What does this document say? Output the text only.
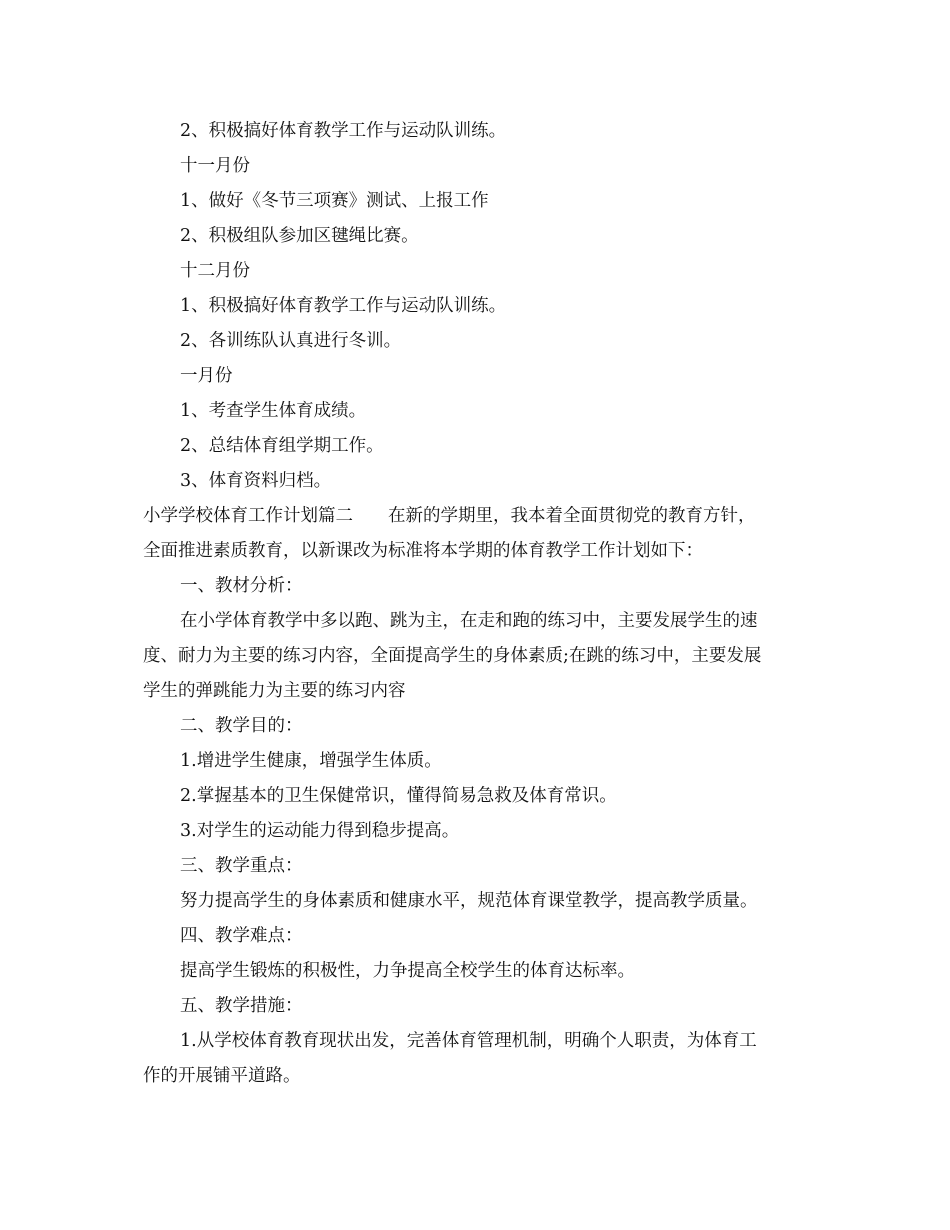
2、积极搞好体育教学工作与运动队训练。
十一月份
1、做好《冬节三项赛》测试、上报工作
2、积极组队参加区毽绳比赛。
十二月份
1、积极搞好体育教学工作与运动队训练。
2、各训练队认真进行冬训。
一月份
1、考查学生体育成绩。
2、总结体育组学期工作。
3、体育资料归档。
小学学校体育工作计划篇二　　在新的学期里，我本着全面贯彻党的教育方针，
全面推进素质教育，以新课改为标准将本学期的体育教学工作计划如下：
一、教材分析：
在小学体育教学中多以跑、跳为主，在走和跑的练习中，主要发展学生的速
度、耐力为主要的练习内容，全面提高学生的身体素质;在跳的练习中，主要发展
学生的弹跳能力为主要的练习内容
二、教学目的：
1.增进学生健康，增强学生体质。
2.掌握基本的卫生保健常识，懂得简易急救及体育常识。
3.对学生的运动能力得到稳步提高。
三、教学重点：
努力提高学生的身体素质和健康水平，规范体育课堂教学，提高教学质量。
四、教学难点：
提高学生锻炼的积极性，力争提高全校学生的体育达标率。
五、教学措施：
1.从学校体育教育现状出发，完善体育管理机制，明确个人职责，为体育工
作的开展铺平道路。
